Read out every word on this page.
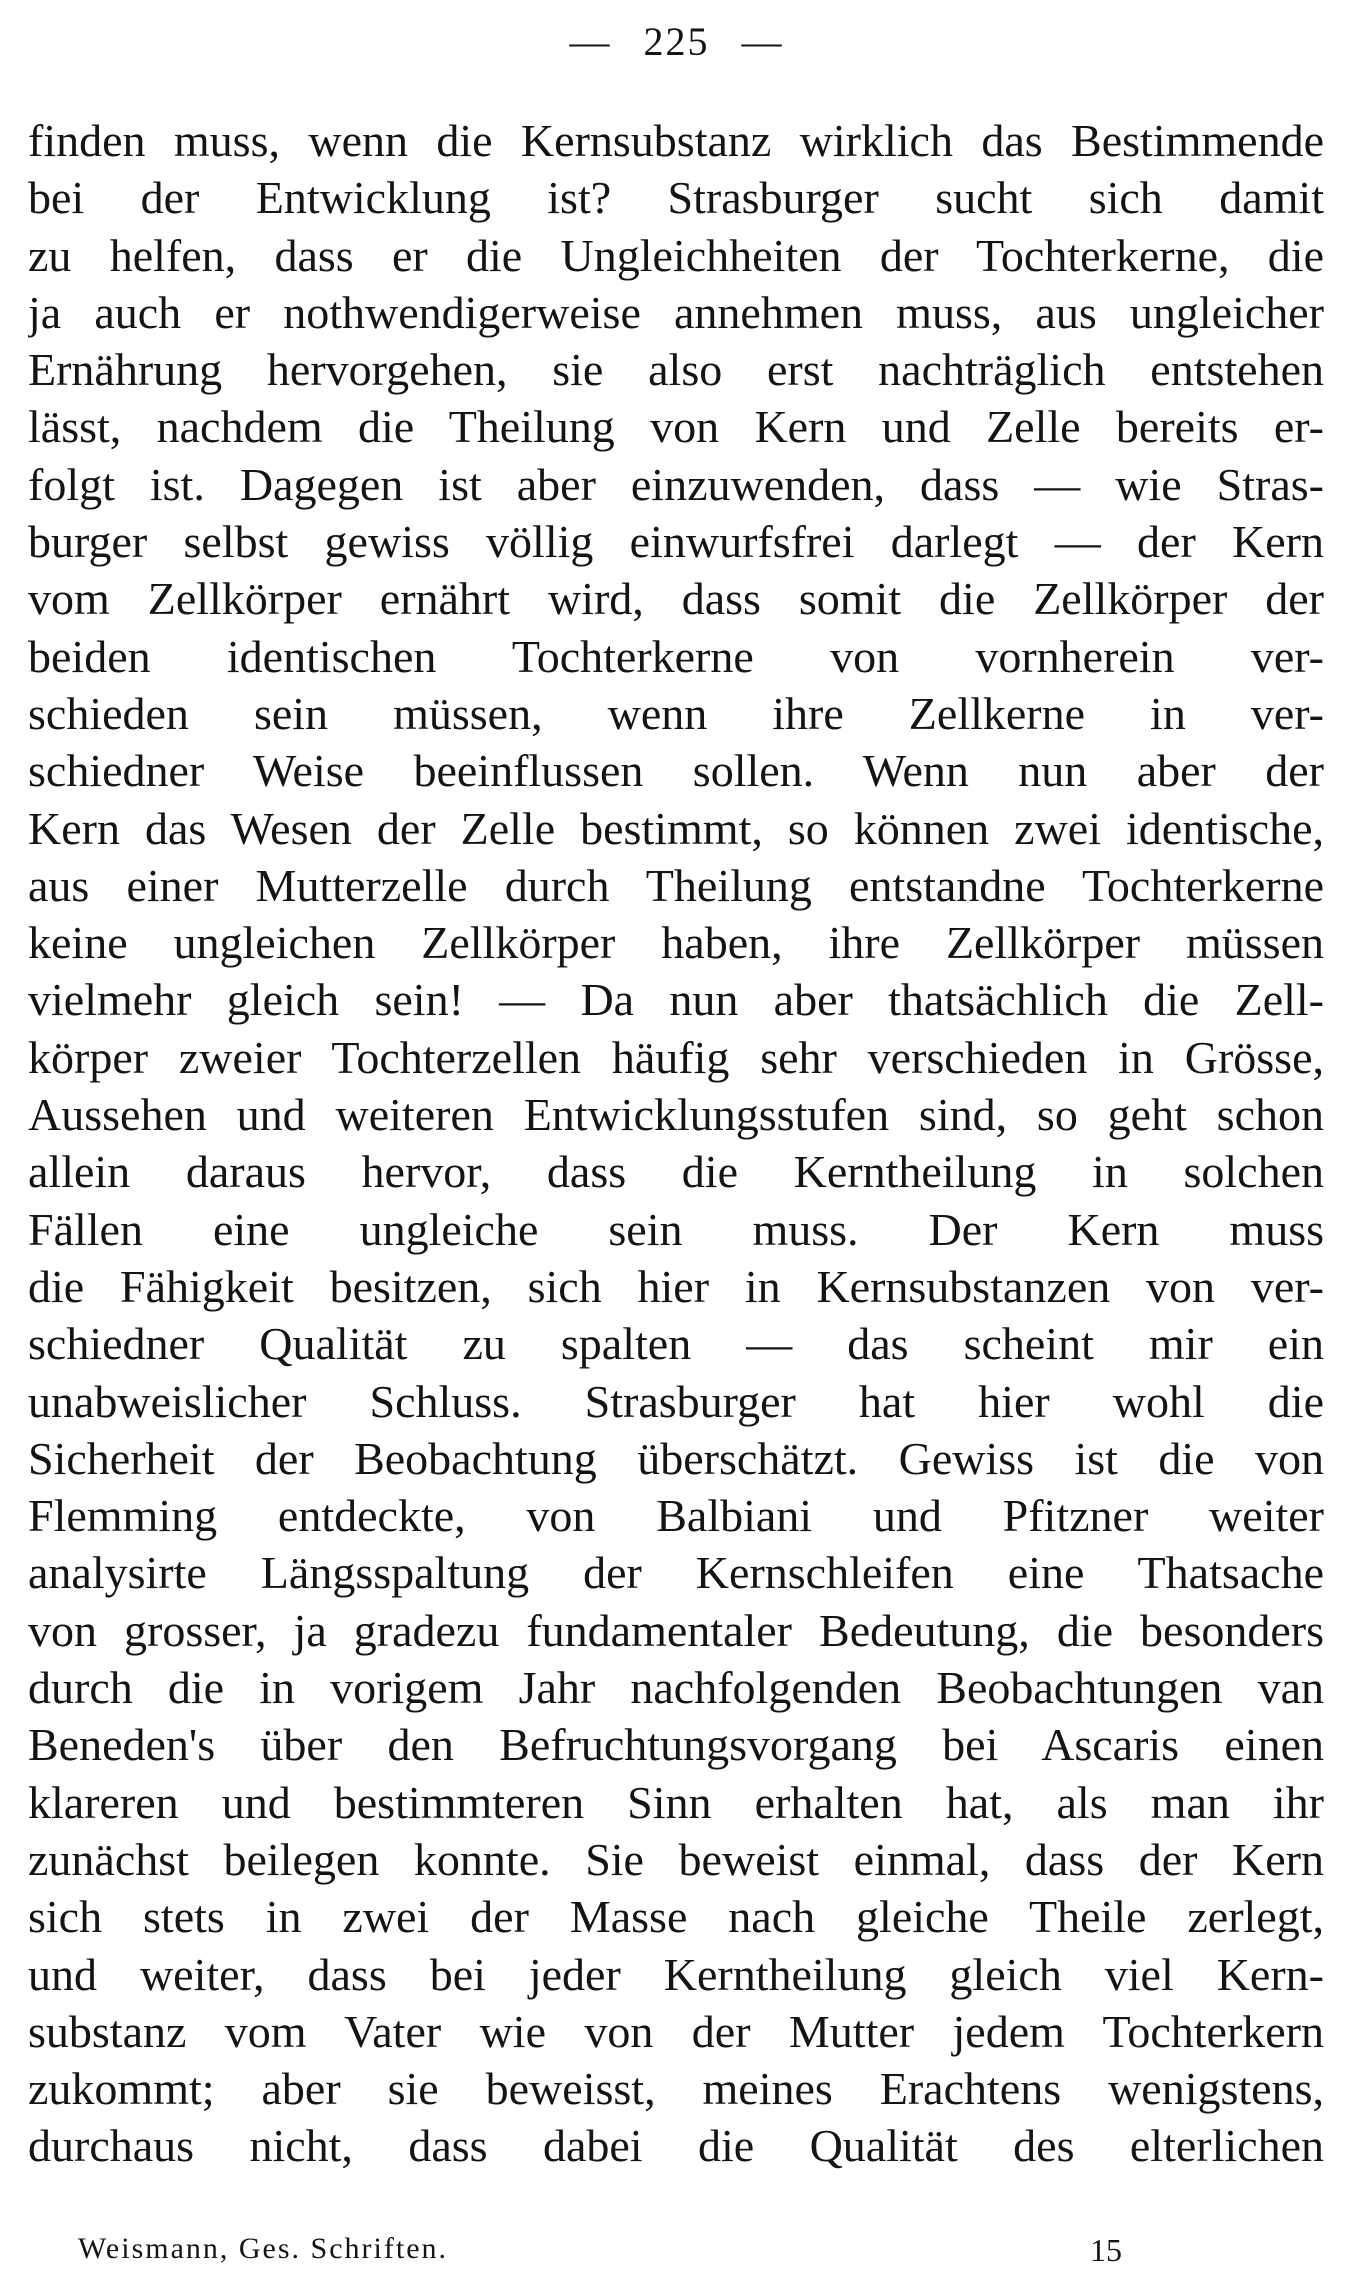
— 225 —
finden muss, wenn die Kernsubstanz wirklich das Bestimmende
bei der Entwicklung ist? Strasburger sucht sich damit
zu helfen, dass er die Ungleichheiten der Tochterkerne, die
ja auch er nothwendigerweise annehmen muss, aus ungleicher
Ernährung hervorgehen, sie also erst nachträglich entstehen
lässt, nachdem die Theilung von Kern und Zelle bereits er-
folgt ist. Dagegen ist aber einzuwenden, dass — wie Stras-
burger selbst gewiss völlig einwurfsfrei darlegt — der Kern
vom Zellkörper ernährt wird, dass somit die Zellkörper der
beiden identischen Tochterkerne von vornherein ver-
schieden sein müssen, wenn ihre Zellkerne in ver-
schiedner Weise beeinflussen sollen. Wenn nun aber der
Kern das Wesen der Zelle bestimmt, so können zwei identische,
aus einer Mutterzelle durch Theilung entstandne Tochterkerne
keine ungleichen Zellkörper haben, ihre Zellkörper müssen
vielmehr gleich sein! — Da nun aber thatsächlich die Zell-
körper zweier Tochterzellen häufig sehr verschieden in Grösse,
Aussehen und weiteren Entwicklungsstufen sind, so geht schon
allein daraus hervor, dass die Kerntheilung in solchen
Fällen eine ungleiche sein muss. Der Kern muss
die Fähigkeit besitzen, sich hier in Kernsubstanzen von ver-
schiedner Qualität zu spalten — das scheint mir ein
unabweislicher Schluss. Strasburger hat hier wohl die
Sicherheit der Beobachtung überschätzt. Gewiss ist die von
Flemming entdeckte, von Balbiani und Pfitzner weiter
analysirte Längsspaltung der Kernschleifen eine Thatsache
von grosser, ja gradezu fundamentaler Bedeutung, die besonders
durch die in vorigem Jahr nachfolgenden Beobachtungen van
Beneden's über den Befruchtungsvorgang bei Ascaris einen
klareren und bestimmteren Sinn erhalten hat, als man ihr
zunächst beilegen konnte. Sie beweist einmal, dass der Kern
sich stets in zwei der Masse nach gleiche Theile zerlegt,
und weiter, dass bei jeder Kerntheilung gleich viel Kern-
substanz vom Vater wie von der Mutter jedem Tochterkern
zukommt; aber sie beweisst, meines Erachtens wenigstens,
durchaus nicht, dass dabei die Qualität des elterlichen
Weismann, Ges. Schriften.	15
